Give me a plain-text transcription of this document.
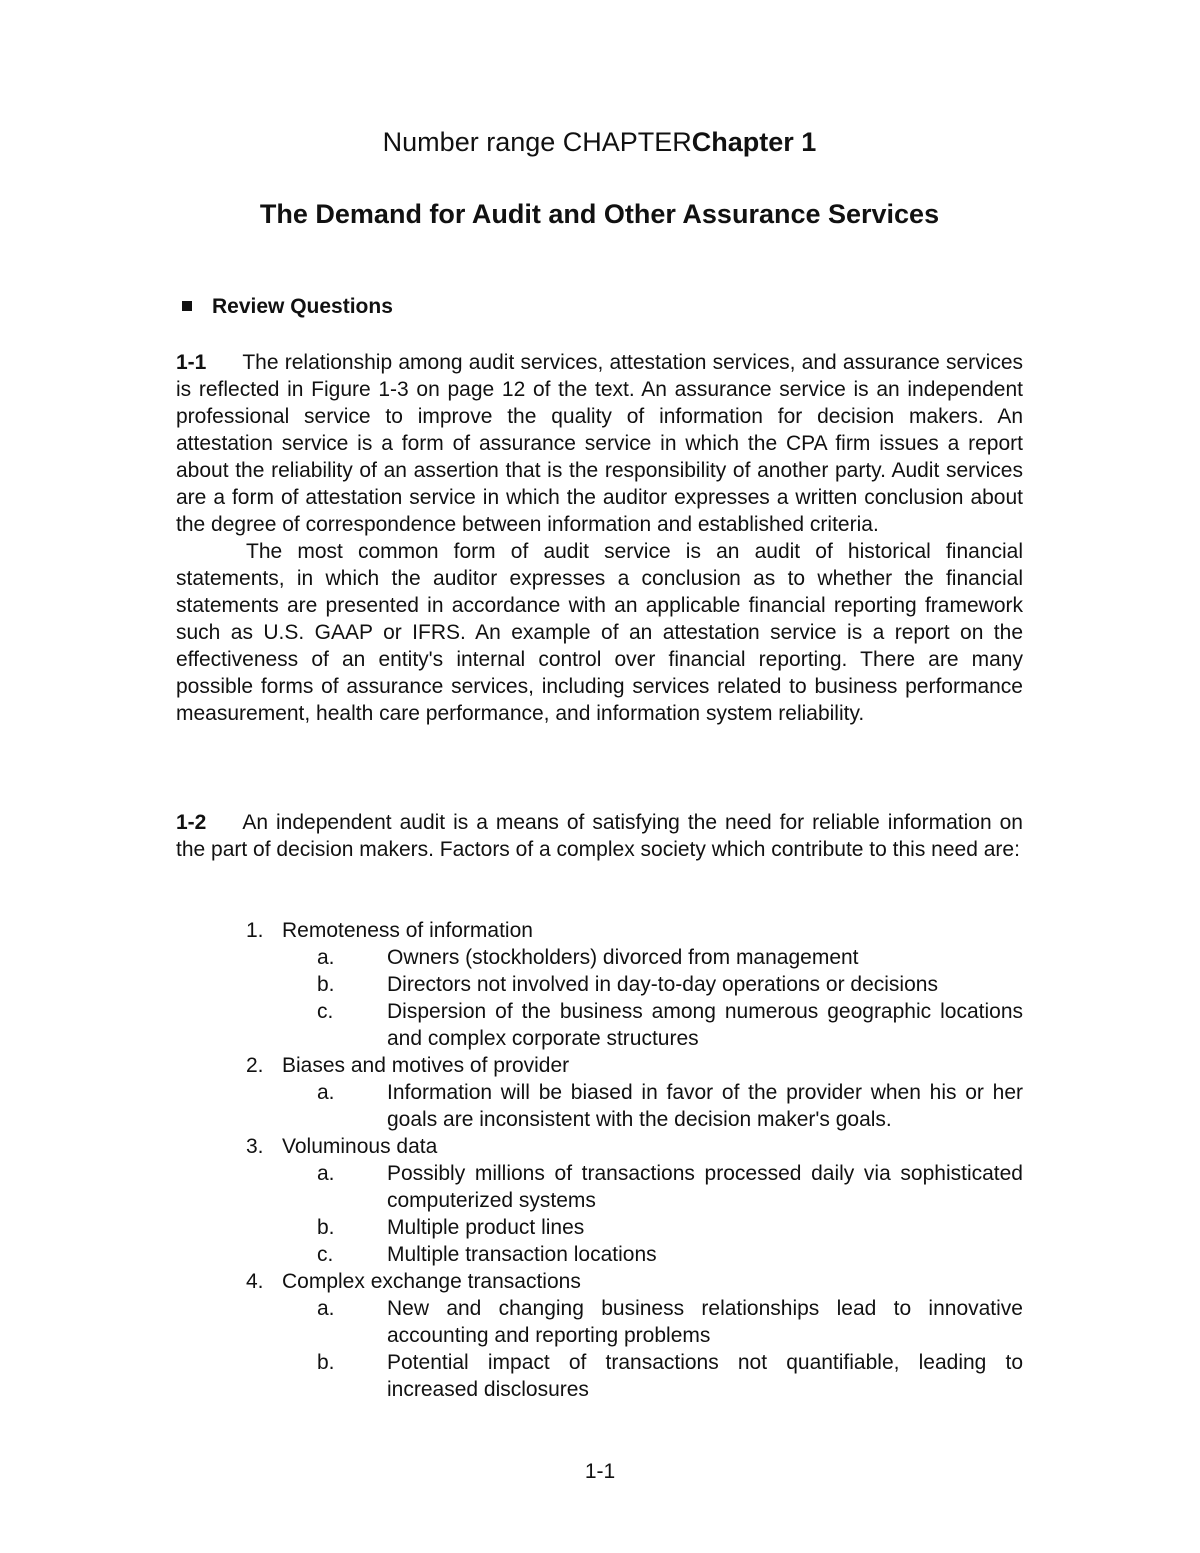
Number range CHAPTERChapter 1
The Demand for Audit and Other Assurance Services
Review Questions

1-1 The relationship among audit services, attestation services, and assurance services is reflected in Figure 1-3 on page 12 of the text. An assurance service is an independent professional service to improve the quality of information for decision makers. An attestation service is a form of assurance service in which the CPA firm issues a report about the reliability of an assertion that is the responsibility of another party. Audit services are a form of attestation service in which the auditor expresses a written conclusion about the degree of correspondence between information and established criteria.

The most common form of audit service is an audit of historical financial statements, in which the auditor expresses a conclusion as to whether the financial statements are presented in accordance with an applicable financial reporting framework such as U.S. GAAP or IFRS. An example of an attestation service is a report on the effectiveness of an entity's internal control over financial reporting. There are many possible forms of assurance services, including services related to business performance measurement, health care performance, and information system reliability.

1-2 An independent audit is a means of satisfying the need for reliable information on the part of decision makers. Factors of a complex society which contribute to this need are:

1. Remoteness of information
a. Owners (stockholders) divorced from management
b. Directors not involved in day-to-day operations or decisions
c.	Dispersion of the business among numerous geographic locations and complex corporate structures
2. Biases and motives of provider
a. Information will be biased in favor of the provider when his or her goals are inconsistent with the decision maker's goals.
3. Voluminous data
a. Possibly millions of transactions processed daily via sophisticated computerized systems
b. Multiple product lines
c.	Multiple transaction locations
4. Complex exchange transactions
a. New and changing business relationships lead to innovative accounting and reporting problems
b. Potential impact of transactions not quantifiable, leading to increased disclosures
1-1
